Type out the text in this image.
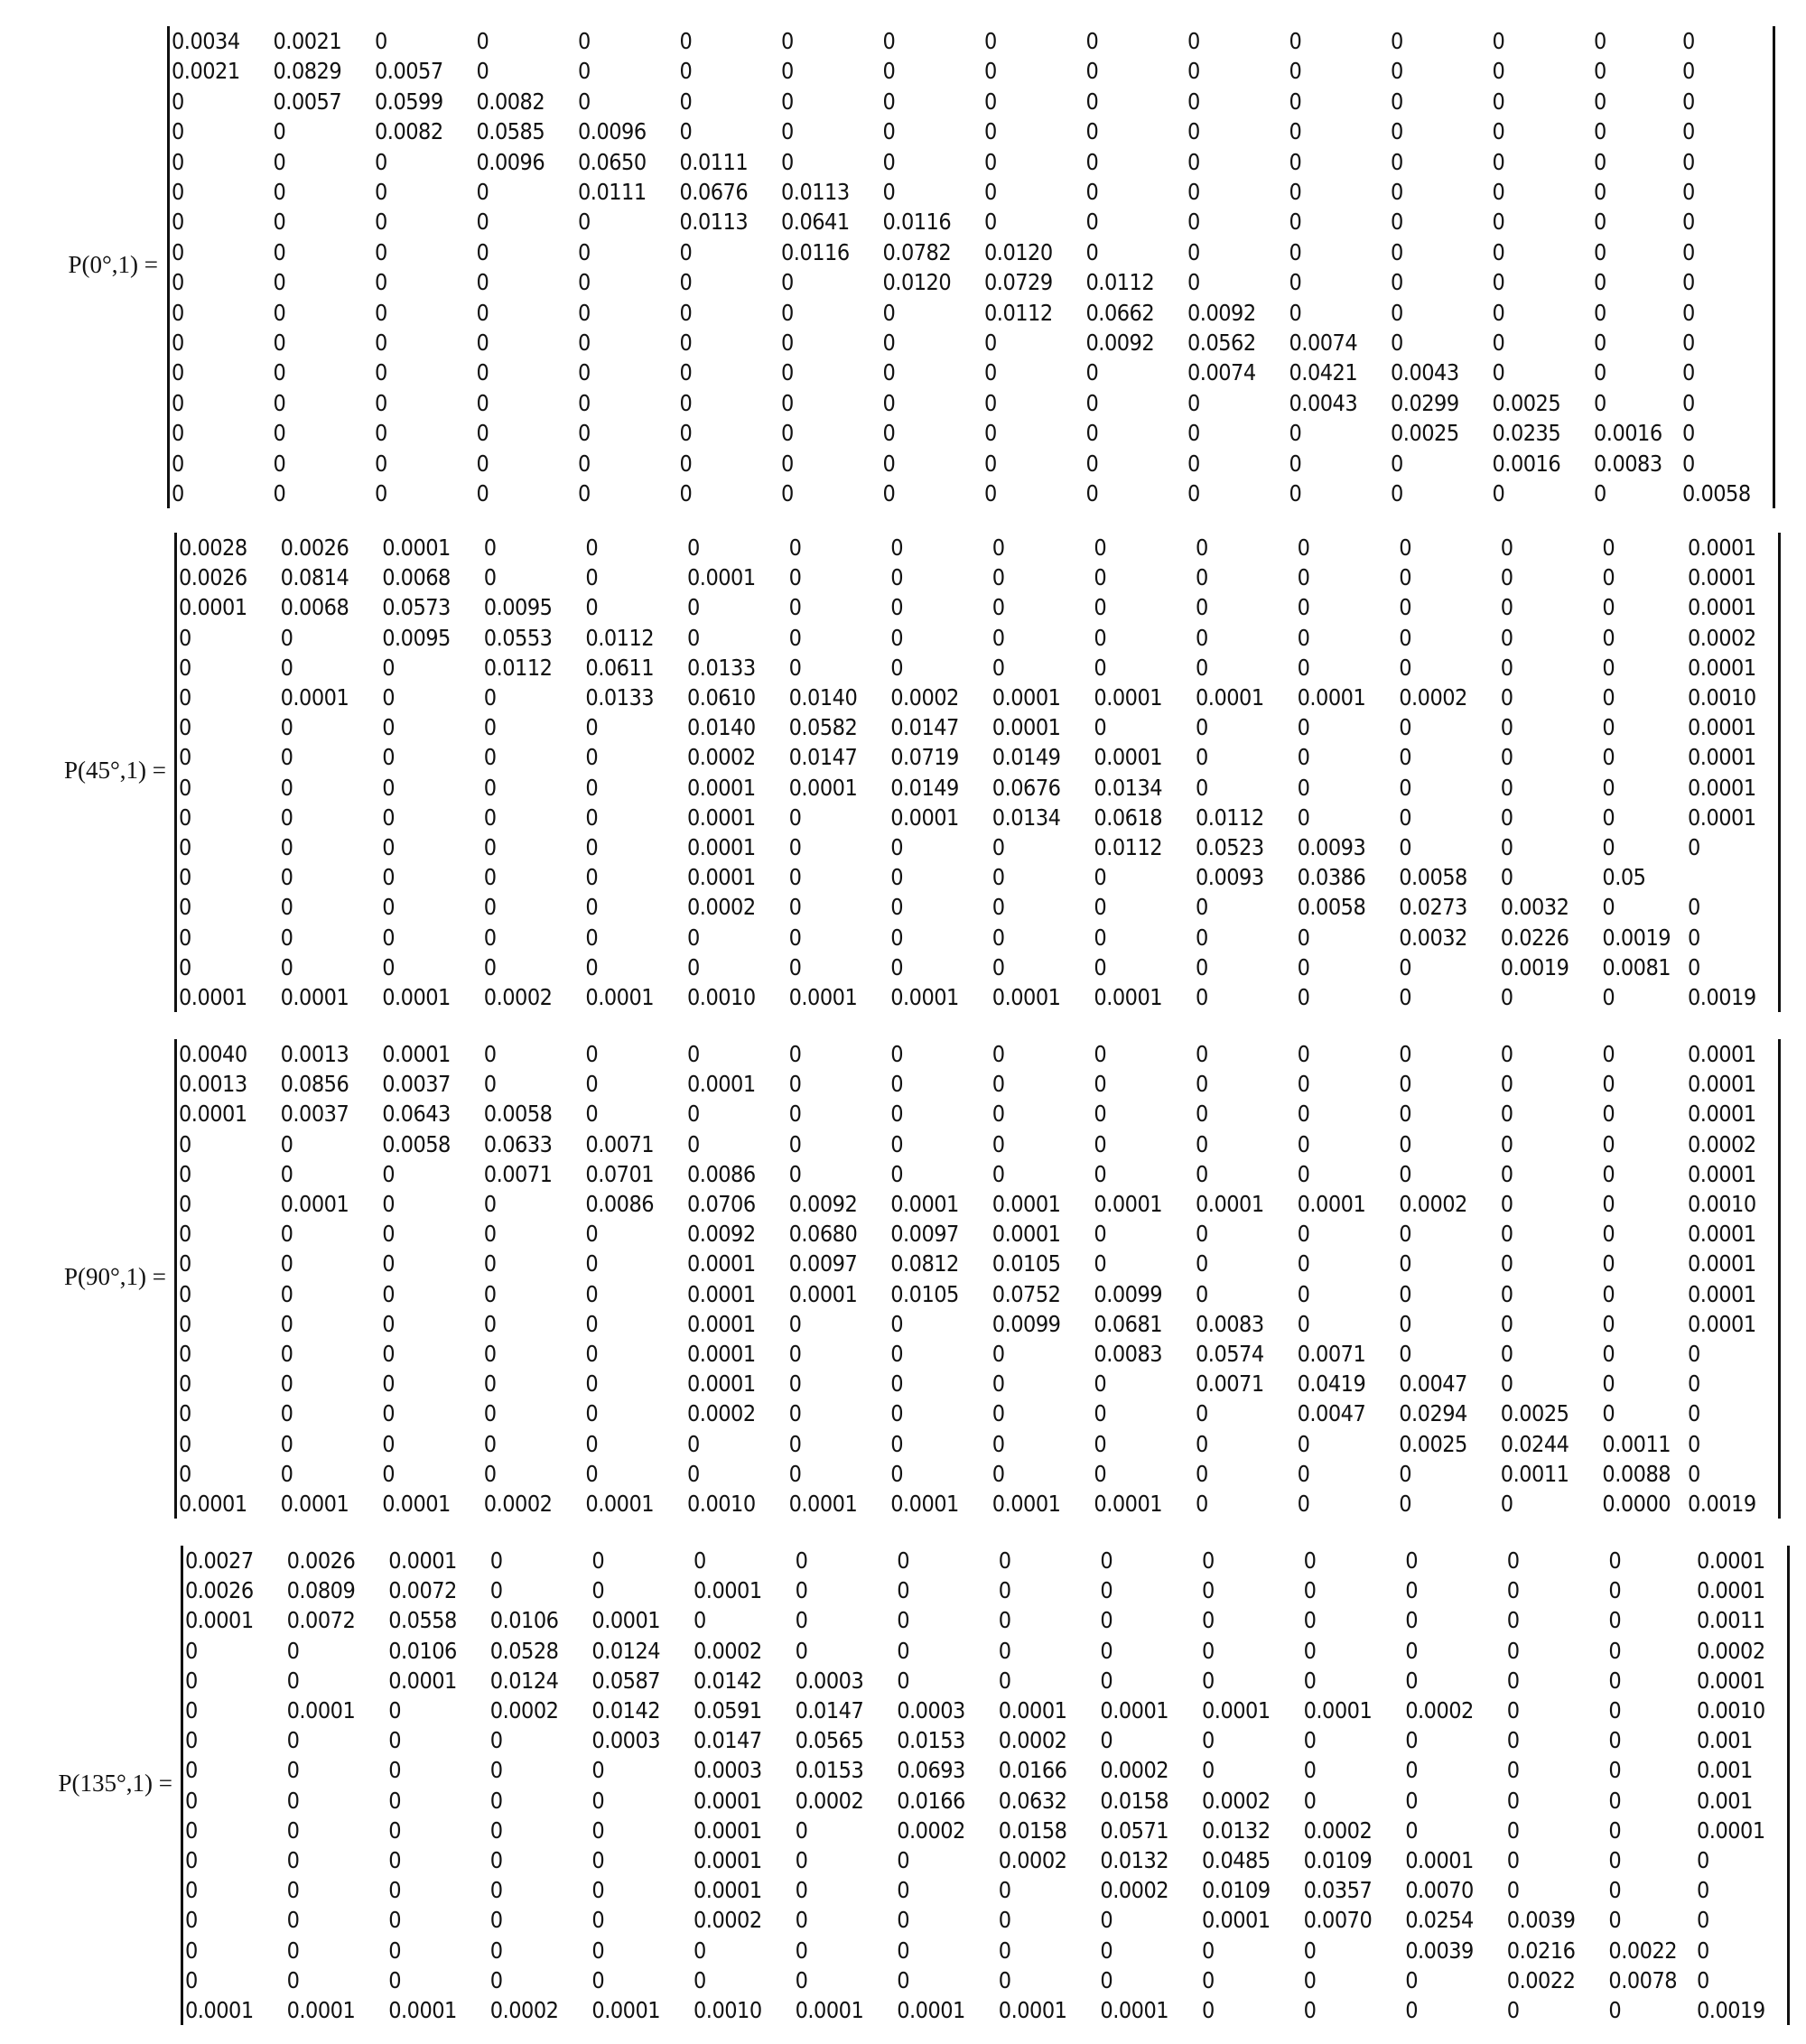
P(0°,1) =
0.0034 0.0021 0	0	0	0	0	0	0	0	0	0	0	0	0	0
0.0021 0.0829 0.0057 0	0	0	0	0	0	0	0	0	0	0	0	0
0	0.0057 0.0599 0.0082 0	0	0	0	0	0	0	0	0	0	0	0
0	0	0.0082 0.0585 0.0096 0	0	0	0	0	0	0	0	0	0	0
0	0	0	0.0096 0.0650 0.0111 0	0	0	0	0	0	0	0	0	0
0	0	0	0	0.0111 0.0676 0.0113 0	0	0	0	0	0	0	0	0
0	0	0	0	0	0.0113 0.0641 0.0116 0	0	0	0	0	0	0	0
0	0	0	0	0	0	0.0116 0.0782 0.0120 0	0	0	0	0	0	0
0	0	0	0	0	0	0	0.0120 0.0729 0.0112 0	0	0	0	0	0
0	0	0	0	0	0	0	0	0.0112 0.0662 0.0092 0	0	0	0	0
0	0	0	0	0	0	0	0	0	0.0092 0.0562 0.0074 0	0	0	0
0	0	0	0	0	0	0	0	0	0	0.0074 0.0421 0.0043 0	0	0
0	0	0	0	0	0	0	0	0	0	0	0.0043 0.0299 0.0025 0	0
0	0	0	0	0	0	0	0	0	0	0	0	0.0025 0.0235 0.0016 0
0	0	0	0	0	0	0	0	0	0	0	0	0	0.0016 0.0083 0
0	0	0	0	0	0	0	0	0	0	0	0	0	0	0	0.0058
P(45°,1) =
0.0028 0.0026 0.0001 0	0	0	0	0	0	0	0	0	0	0	0	0.0001
0.0026 0.0814 0.0068 0	0	0.0001 0	0	0	0	0	0	0	0	0	0.0001
0.0001 0.0068 0.0573 0.0095 0	0	0	0	0	0	0	0	0	0	0	0.0001
0	0	0.0095 0.0553 0.0112 0	0	0	0	0	0	0	0	0	0	0.0002
0	0	0	0.0112 0.0611 0.0133 0	0	0	0	0	0	0	0	0	0.0001
0	0.0001 0	0	0.0133 0.0610 0.0140 0.0002 0.0001 0.0001 0.0001 0.0001 0.0002 0	0	0.0010
0	0	0	0	0	0.0140 0.0582 0.0147 0.0001 0	0	0	0	0	0	0.0001
0	0	0	0	0	0.0002 0.0147 0.0719 0.0149 0.0001 0	0	0	0	0	0.0001
0	0	0	0	0	0.0001 0.0001 0.0149 0.0676 0.0134 0	0	0	0	0	0.0001
0	0	0	0	0	0.0001 0	0.0001 0.0134 0.0618 0.0112 0	0	0	0	0.0001
0	0	0	0	0	0.0001 0	0	0	0.0112 0.0523 0.0093 0	0	0	0
0	0	0	0	0	0.0001 0	0	0	0	0.0093 0.0386 0.0058 0	0.05
0	0	0	0	0	0.0002 0	0	0	0	0	0.0058 0.0273 0.0032 0	0
0	0	0	0	0	0	0	0	0	0	0	0	0.0032 0.0226 0.0019 0
0	0	0	0	0	0	0	0	0	0	0	0	0	0.0019 0.0081 0
0.0001 0.0001 0.0001 0.0002 0.0001 0.0010 0.0001 0.0001 0.0001 0.0001 0	0	0	0	0	0.0019
P(90°,1) =
0.0040 0.0013 0.0001 0	0	0	0	0	0	0	0	0	0	0	0	0.0001
0.0013 0.0856 0.0037 0	0	0.0001 0	0	0	0	0	0	0	0	0	0.0001
0.0001 0.0037 0.0643 0.0058 0	0	0	0	0	0	0	0	0	0	0	0.0001
0	0	0.0058 0.0633 0.0071 0	0	0	0	0	0	0	0	0	0	0.0002
0	0	0	0.0071 0.0701 0.0086 0	0	0	0	0	0	0	0	0	0.0001
0	0.0001 0	0	0.0086 0.0706 0.0092 0.0001 0.0001 0.0001 0.0001 0.0001 0.0002 0	0	0.0010
0	0	0	0	0	0.0092 0.0680 0.0097 0.0001 0	0	0	0	0	0	0.0001
0	0	0	0	0	0.0001 0.0097 0.0812 0.0105 0	0	0	0	0	0	0.0001
0	0	0	0	0	0.0001 0.0001 0.0105 0.0752 0.0099 0	0	0	0	0	0.0001
0	0	0	0	0	0.0001 0	0	0.0099 0.0681 0.0083 0	0	0	0	0.0001
0	0	0	0	0	0.0001 0	0	0	0.0083 0.0574 0.0071 0	0	0	0
0	0	0	0	0	0.0001 0	0	0	0	0.0071 0.0419 0.0047 0	0	0
0	0	0	0	0	0.0002 0	0	0	0	0	0.0047 0.0294 0.0025 0	0
0	0	0	0	0	0	0	0	0	0	0	0	0.0025 0.0244 0.0011 0
0	0	0	0	0	0	0	0	0	0	0	0	0	0.0011 0.0088 0
0.0001 0.0001 0.0001 0.0002 0.0001 0.0010 0.0001 0.0001 0.0001 0.0001 0	0	0	0	0.0000 0.0019
P(135°,1) =
0.0027 0.0026 0.0001 0	0	0	0	0	0	0	0	0	0	0	0	0.0001
0.0026 0.0809 0.0072 0	0	0.0001 0	0	0	0	0	0	0	0	0	0.0001
0.0001 0.0072 0.0558 0.0106 0.0001 0	0	0	0	0	0	0	0	0	0	0.0011
0	0	0.0106 0.0528 0.0124 0.0002 0	0	0	0	0	0	0	0	0	0.0002
0	0	0.0001 0.0124 0.0587 0.0142 0.0003 0	0	0	0	0	0	0	0	0.0001
0	0.0001 0	0.0002 0.0142 0.0591 0.0147 0.0003 0.0001 0.0001 0.0001 0.0001 0.0002 0	0	0.0010
0	0	0	0	0.0003 0.0147 0.0565 0.0153 0.0002 0	0	0	0	0	0	0.001
0	0	0	0	0	0.0003 0.0153 0.0693 0.0166 0.0002 0	0	0	0	0	0.001
0	0	0	0	0	0.0001 0.0002 0.0166 0.0632 0.0158 0.0002 0	0	0	0	0.001
0	0	0	0	0	0.0001 0	0.0002 0.0158 0.0571 0.0132 0.0002 0	0	0	0.0001
0	0	0	0	0	0.0001 0	0	0.0002 0.0132 0.0485 0.0109 0.0001 0	0	0
0	0	0	0	0	0.0001 0	0	0	0.0002 0.0109 0.0357 0.0070 0	0	0
0	0	0	0	0	0.0002 0	0	0	0	0.0001 0.0070 0.0254 0.0039 0	0
0	0	0	0	0	0	0	0	0	0	0	0	0.0039 0.0216 0.0022 0
0	0	0	0	0	0	0	0	0	0	0	0	0	0.0022 0.0078 0
0.0001 0.0001 0.0001 0.0002 0.0001 0.0010 0.0001 0.0001 0.0001 0.0001 0	0	0	0	0	0.0019
